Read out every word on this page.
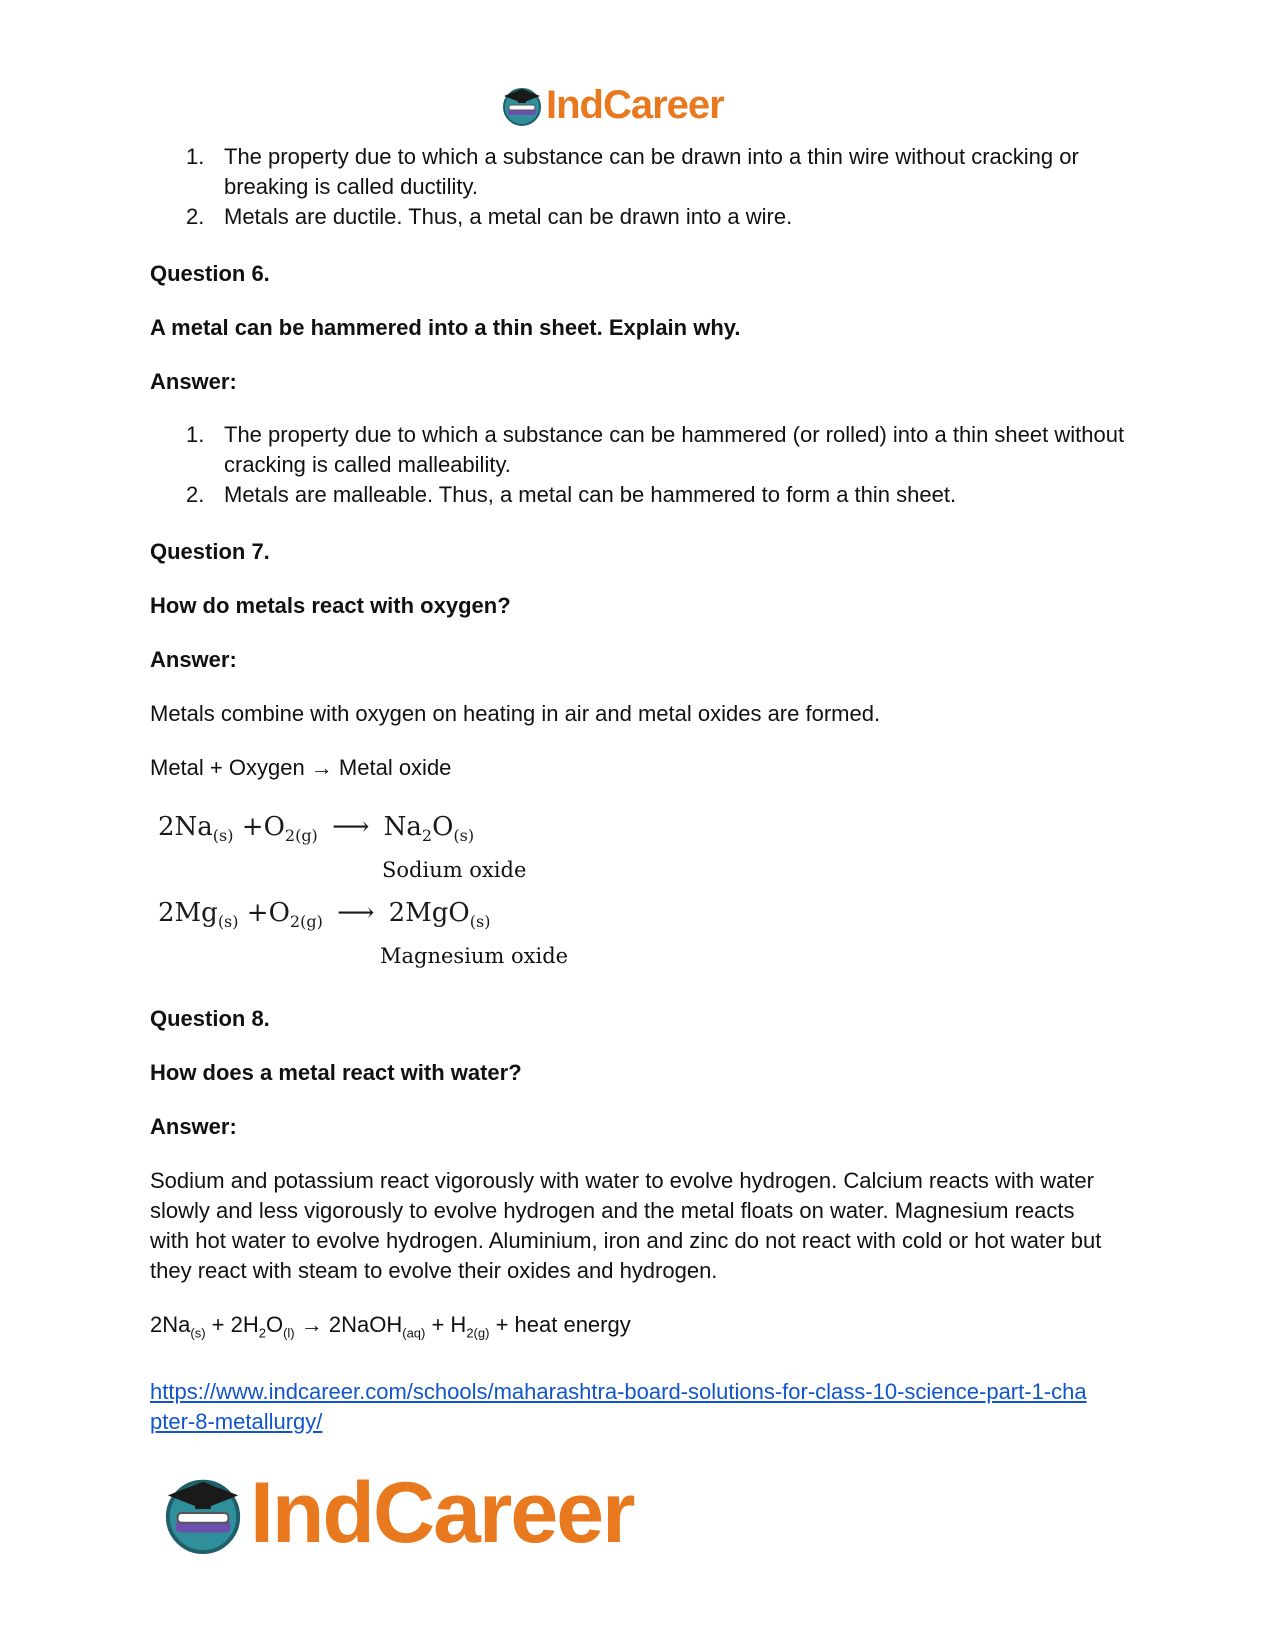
IndCareer
1. The property due to which a substance can be drawn into a thin wire without cracking or breaking is called ductility.
2. Metals are ductile. Thus, a metal can be drawn into a wire.
Question 6.
A metal can be hammered into a thin sheet. Explain why.
Answer:
1. The property due to which a substance can be hammered (or rolled) into a thin sheet without cracking is called malleability.
2. Metals are malleable. Thus, a metal can be hammered to form a thin sheet.
Question 7.
How do metals react with oxygen?
Answer:
Metals combine with oxygen on heating in air and metal oxides are formed.
Metal + Oxygen → Metal oxide
$2Na_{(s)} +O_{2(g)}$ ⟶ $Na_2O_{(s)}$
Sodium oxide
$2Mg_{(s)} +O_{2(g)}$ ⟶ 2MgO$_{(s)}$
Magnesium oxide
Question 8.
How does a metal react with water?
Answer:
Sodium and potassium react vigorously with water to evolve hydrogen. Calcium reacts with water slowly and less vigorously to evolve hydrogen and the metal floats on water. Magnesium reacts with hot water to evolve hydrogen. Aluminium, iron and zinc do not react with cold or hot water but they react with steam to evolve their oxides and hydrogen.
$2Na_{(s)} + 2H_2O_{(l)}$ → 2NaOH$_{(aq)}$ + $H_{2(g)}$ + heat energy
https://www.indcareer.com/schools/maharashtra-board-solutions-for-class-10-science-part-1-cha
pter-8-metallurgy/
IndCareer
